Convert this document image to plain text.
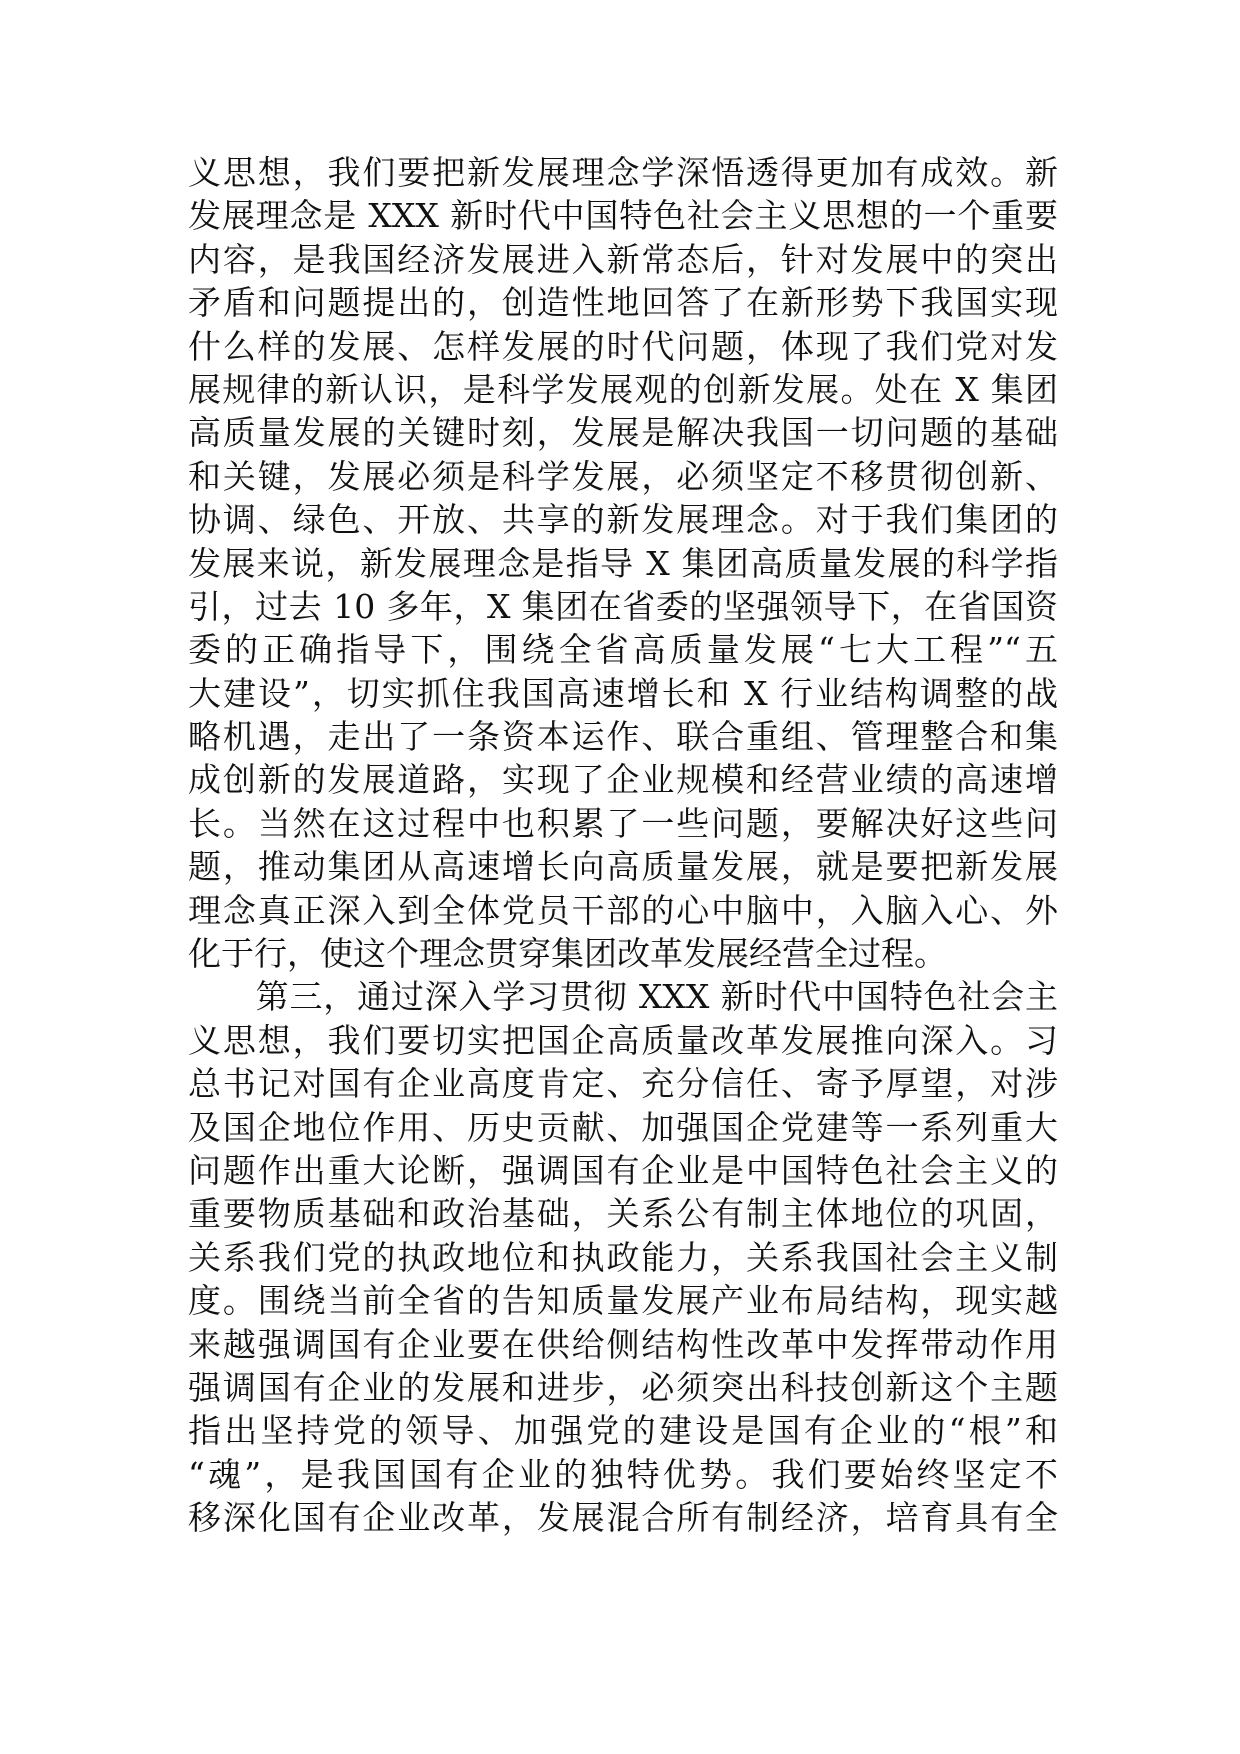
义思想，我们要把新发展理念学深悟透得更加有成效。新
发展理念是 XXX 新时代中国特色社会主义思想的一个重要
内容，是我国经济发展进入新常态后，针对发展中的突出
矛盾和问题提出的，创造性地回答了在新形势下我国实现
什么样的发展、怎样发展的时代问题，体现了我们党对发
展规律的新认识，是科学发展观的创新发展。处在 X 集团
高质量发展的关键时刻，发展是解决我国一切问题的基础
和关键，发展必须是科学发展，必须坚定不移贯彻创新、
协调、绿色、开放、共享的新发展理念。对于我们集团的
发展来说，新发展理念是指导 X 集团高质量发展的科学指
引，过去 10 多年，X 集团在省委的坚强领导下，在省国资
委的正确指导下，围绕全省高质量发展“七大工程”“五
大建设”，切实抓住我国高速增长和 X 行业结构调整的战
略机遇，走出了一条资本运作、联合重组、管理整合和集
成创新的发展道路，实现了企业规模和经营业绩的高速增
长。当然在这过程中也积累了一些问题，要解决好这些问
题，推动集团从高速增长向高质量发展，就是要把新发展
理念真正深入到全体党员干部的心中脑中，入脑入心、外
化于行，使这个理念贯穿集团改革发展经营全过程。
　　第三，通过深入学习贯彻 XXX 新时代中国特色社会主
义思想，我们要切实把国企高质量改革发展推向深入。习
总书记对国有企业高度肯定、充分信任、寄予厚望，对涉
及国企地位作用、历史贡献、加强国企党建等一系列重大
问题作出重大论断，强调国有企业是中国特色社会主义的
重要物质基础和政治基础，关系公有制主体地位的巩固，
关系我们党的执政地位和执政能力，关系我国社会主义制
度。围绕当前全省的告知质量发展产业布局结构，现实越
来越强调国有企业要在供给侧结构性改革中发挥带动作用
强调国有企业的发展和进步，必须突出科技创新这个主题
指出坚持党的领导、加强党的建设是国有企业的“根”和
“魂”，是我国国有企业的独特优势。我们要始终坚定不
移深化国有企业改革，发展混合所有制经济，培育具有全
